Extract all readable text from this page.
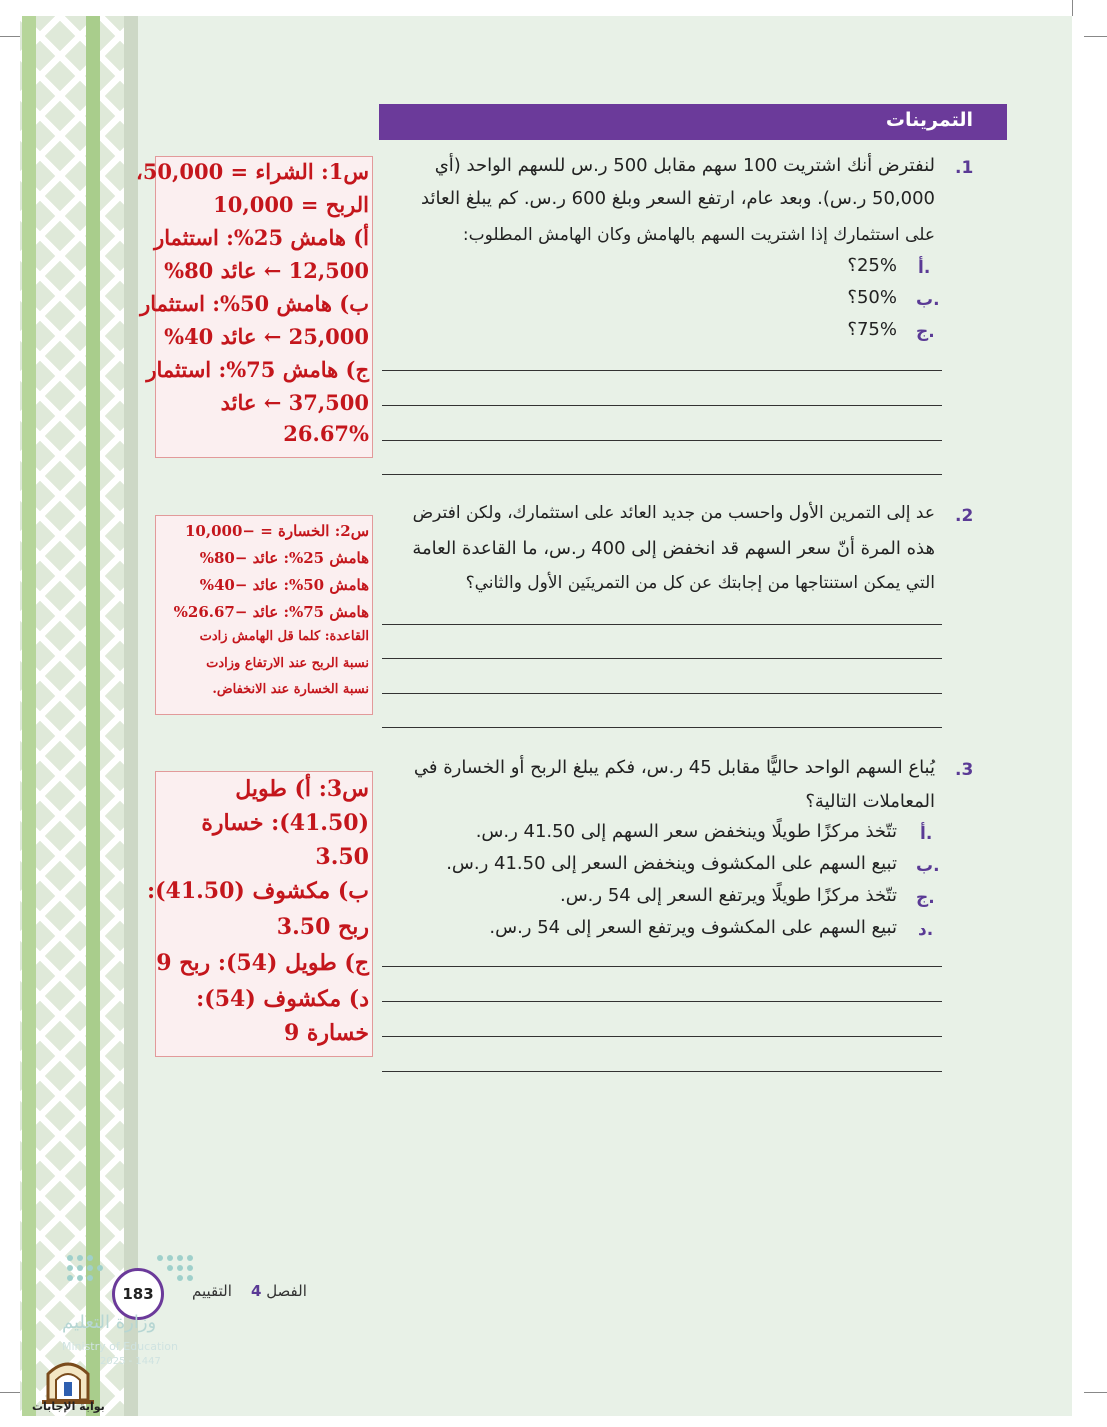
التمرينات
.1
لنفترض أنك اشتريت 100 سهم مقابل 500 ر.س للسهم الواحد (أي
50,000 ر.س). وبعد عام، ارتفع السعر وبلغ 600 ر.س. كم يبلغ العائد
على استثمارك إذا اشتريت السهم بالهامش وكان الهامش المطلوب:
أ.
25%؟
ب.
50%؟
ج.
75%؟
.2
عد إلى التمرين الأول واحسب من جديد العائد على استثمارك، ولكن افترض
هذه المرة أنّ سعر السهم قد انخفض إلى 400 ر.س، ما القاعدة العامة
التي يمكن استنتاجها من إجابتك عن كل من التمرينَين الأول والثاني؟
.3
يُباع السهم الواحد حاليًّا مقابل 45 ر.س، فكم يبلغ الربح أو الخسارة في
المعاملات التالية؟
أ.
تتّخذ مركزًا طويلًا وينخفض سعر السهم إلى 41.50 ر.س.
ب.
تبيع السهم على المكشوف وينخفض السعر إلى 41.50 ر.س.
ج.
تتّخذ مركزًا طويلًا ويرتفع السعر إلى 54 ر.س.
د.
تبيع السهم على المكشوف ويرتفع السعر إلى 54 ر.س.
س1: الشراء = 50,000،
الربح = 10,000
أ) هامش 25%: استثمار
12,500 ← عائد 80%
ب) هامش 50%: استثمار
25,000 ← عائد 40%
ج) هامش 75%: استثمار
37,500 ← عائد
26.67%
س2: الخسارة = −10,000
هامش 25%: عائد −80%
هامش 50%: عائد −40%
هامش 75%: عائد −26.67%
القاعدة: كلما قل الهامش زادت
نسبة الربح عند الارتفاع وزادت
نسبة الخسارة عند الانخفاض.
س3: أ) طويل
(41.50): خسارة
3.50
ب) مكشوف (41.50):
ربح 3.50
ج) طويل (54): ربح 9
د) مكشوف (54):
خسارة 9
183	الفصل 4    التقييم
وزارة التعليم
Ministry of Education
2025 - 1447
بوابة الإجابات
